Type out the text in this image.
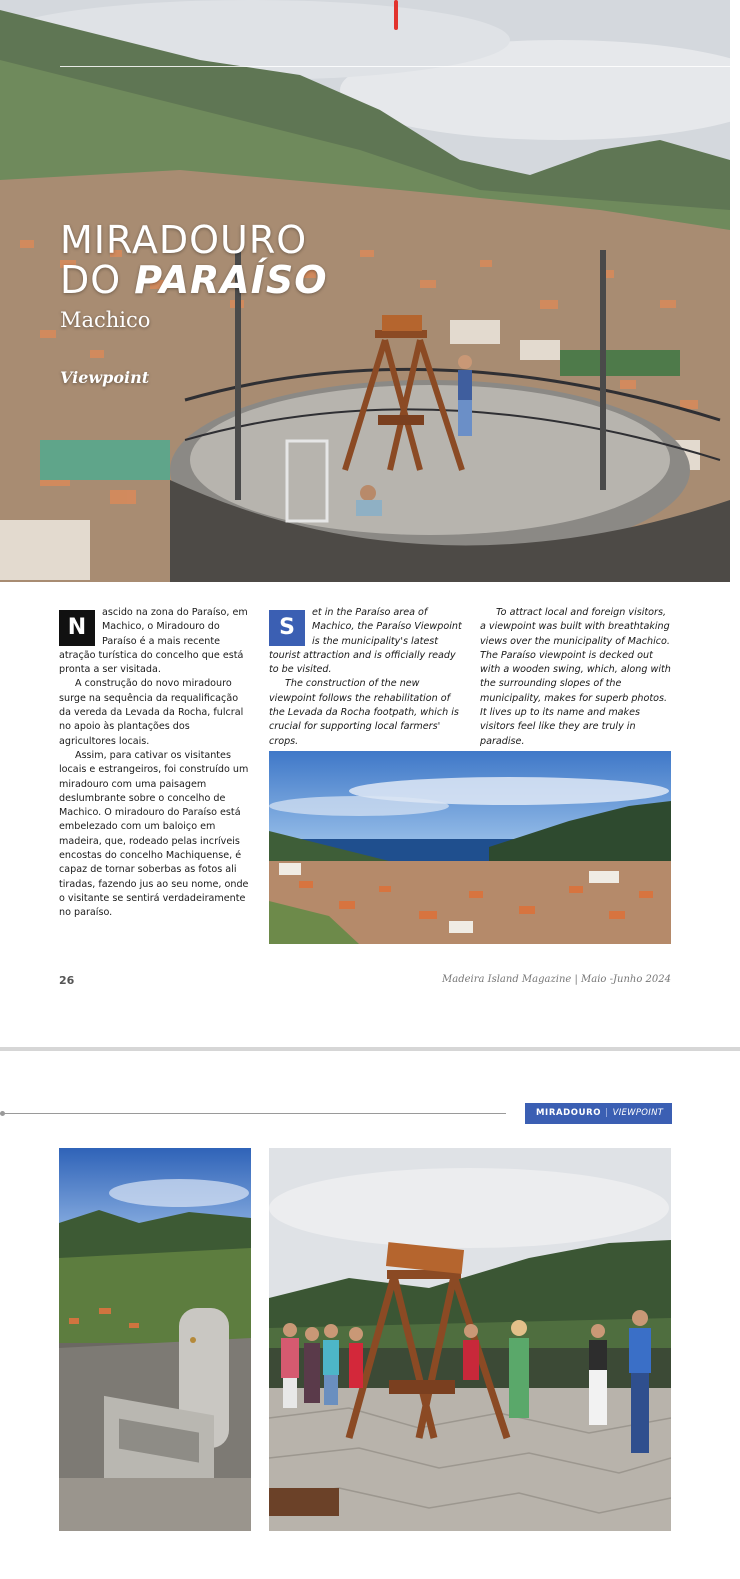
MIRADOURO
DO PARAÍSO
Machico
Viewpoint
N

ascido na zona do Paraíso, em Machico, o Miradouro do Paraíso é a mais recente atração turística do concelho que está pronta a ser visitada.

A construção do novo miradouro surge na sequência da requalificação da vereda da Levada da Rocha, fulcral no apoio às plantações dos agricultores locais.

Assim, para cativar os visitantes locais e estrangeiros, foi construído um miradouro com uma paisagem deslumbrante sobre o concelho de Machico. O miradouro do Paraíso está embelezado com um baloiço em madeira, que, rodeado pelas incríveis encostas do concelho Machiquense, é capaz de tornar soberbas as fotos ali tiradas, fazendo jus ao seu nome, onde o visitante se sentirá verdadeiramente no paraíso.

S

et in the Paraíso area of Machico, the Paraíso Viewpoint is the municipality's latest tourist attraction and is officially ready to be visited.

The construction of the new viewpoint follows the rehabilitation of the Levada da Rocha footpath, which is crucial for supporting local farmers' crops.

To attract local and foreign visitors, a viewpoint was built with breathtaking views over the municipality of Machico. The Paraíso viewpoint is decked out with a wooden swing, which, along with the surrounding slopes of the municipality, makes for superb photos. It lives up to its name and makes visitors feel like they are truly in paradise.

26	Madeira Island Magazine | Maio -Junho 2024
MIRADOURO | VIEWPOINT
